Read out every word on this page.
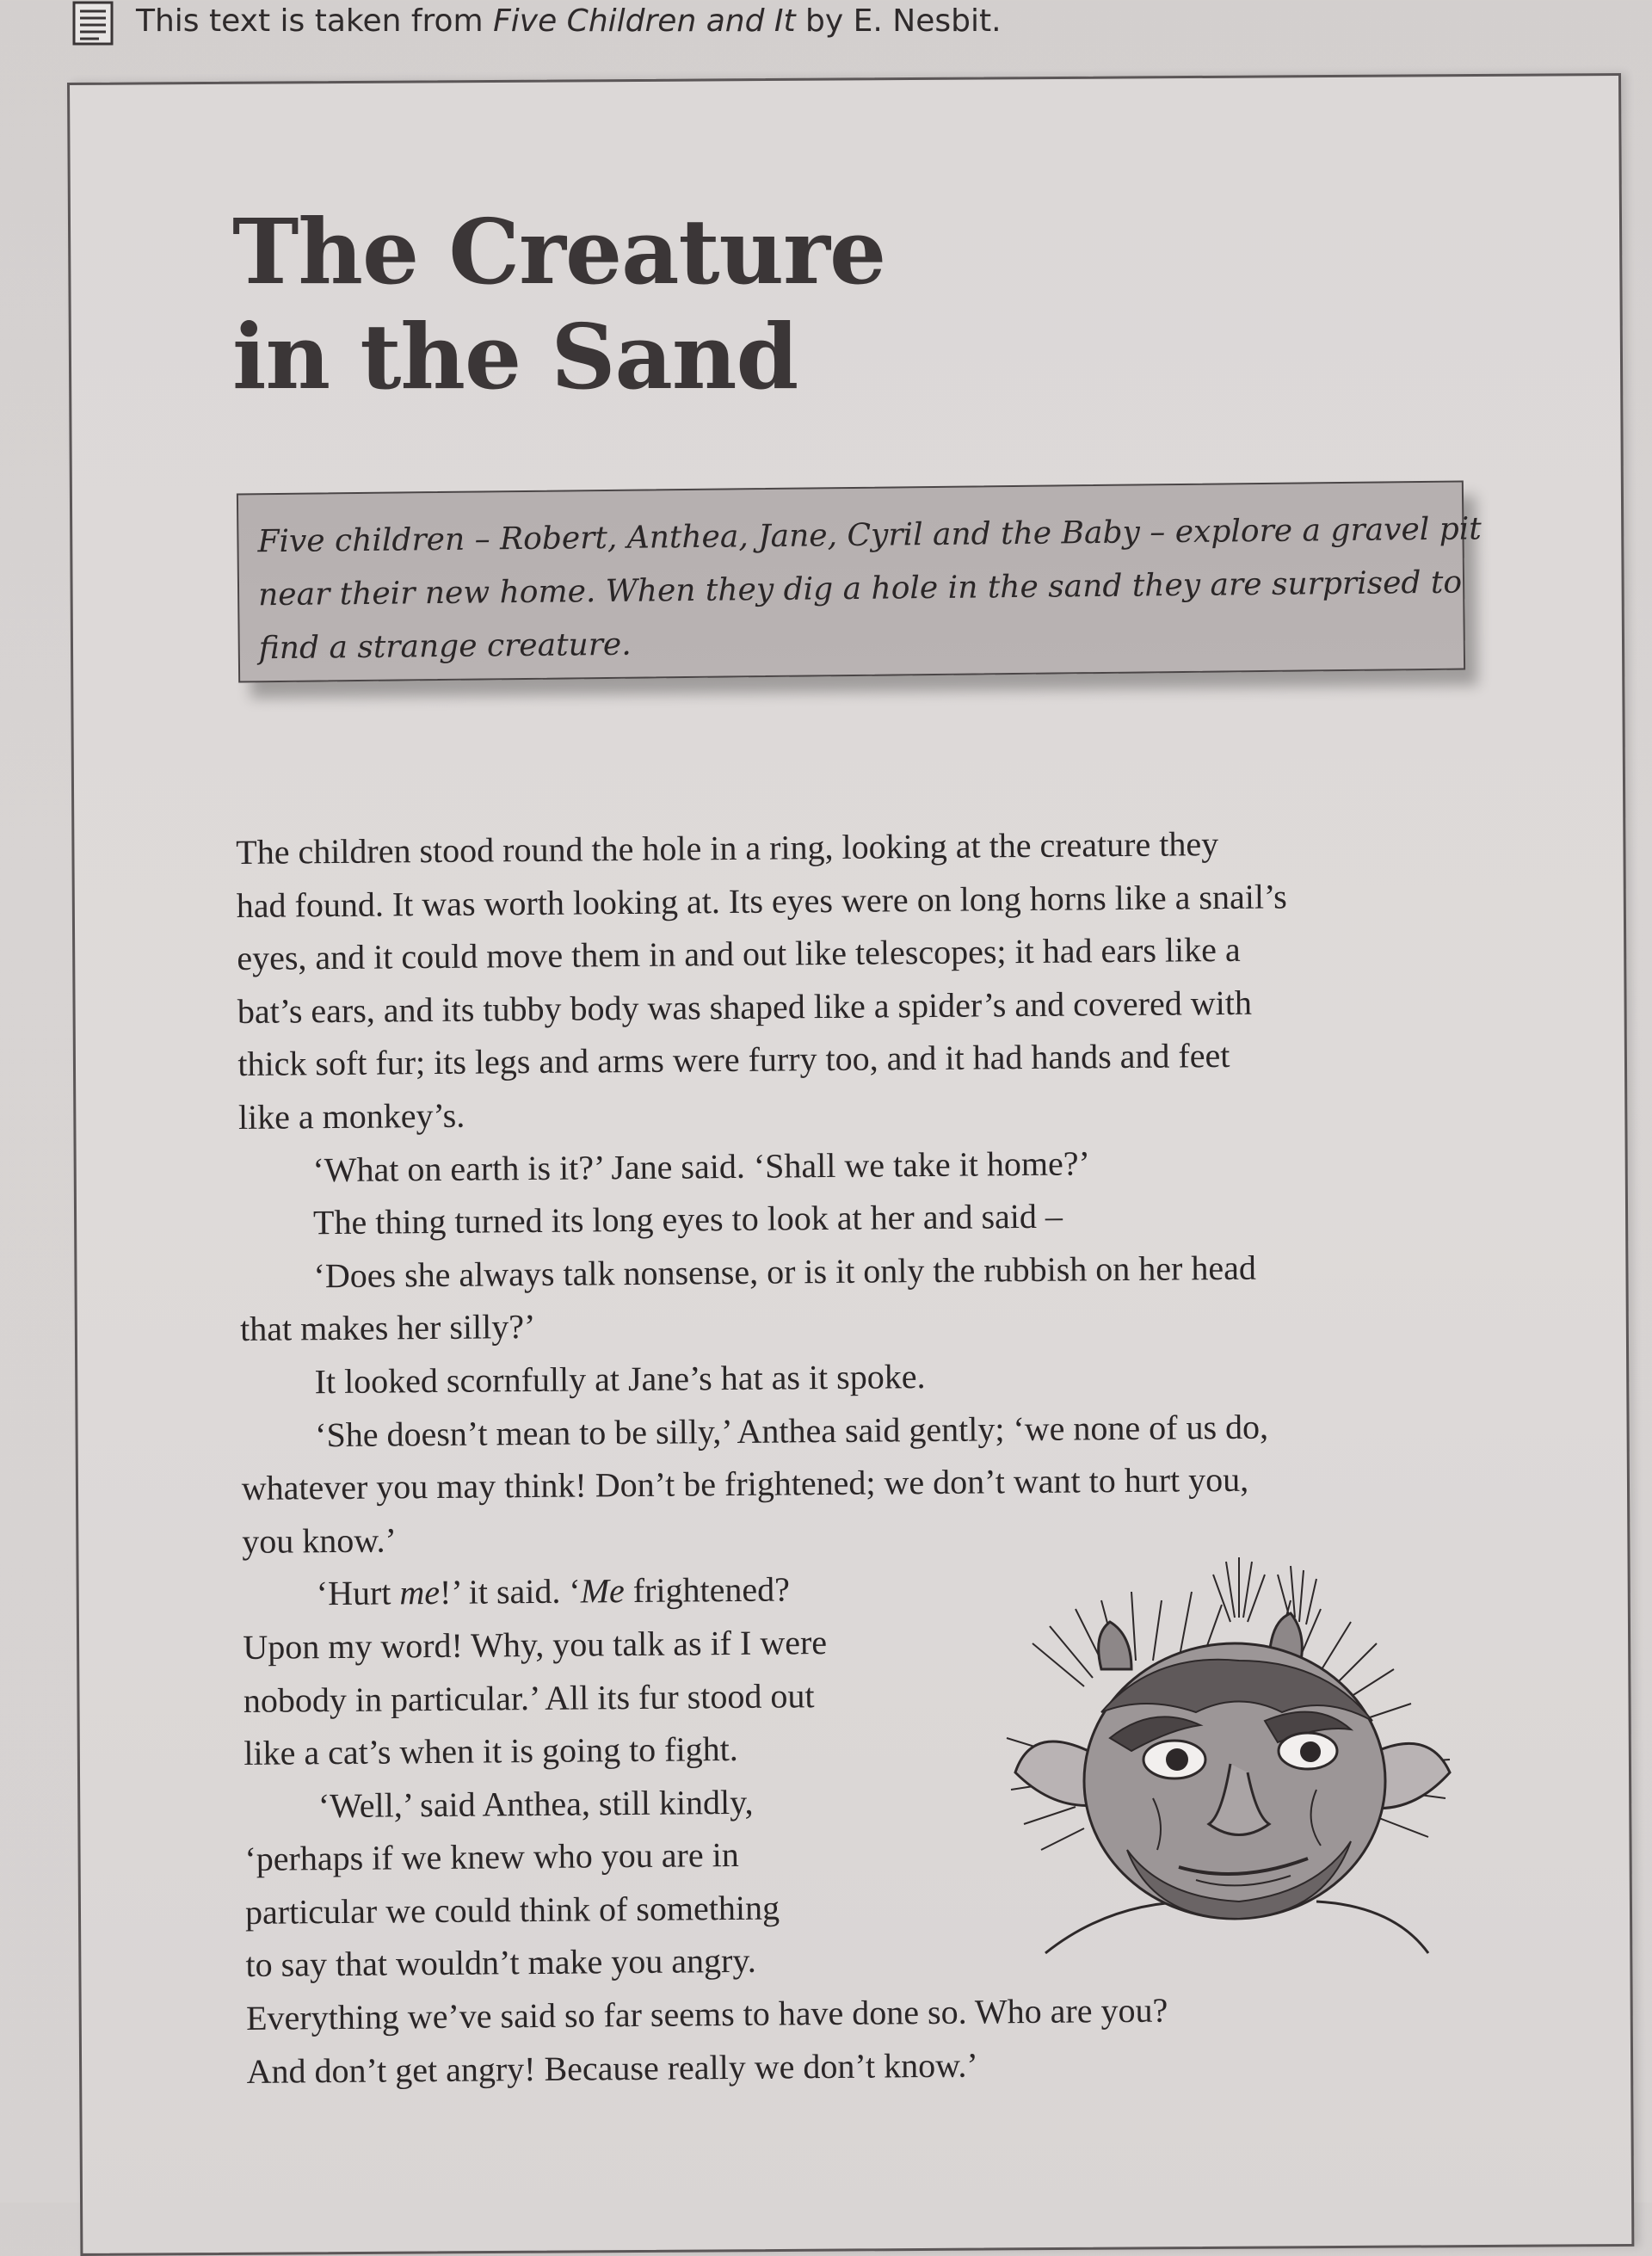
This text is taken from Five Children and It by E. Nesbit.
The Creature
in the Sand
Five children – Robert, Anthea, Jane, Cyril and the Baby – explore a gravel pit
near their new home. When they dig a hole in the sand they are surprised to
find a strange creature.
The children stood round the hole in a ring, looking at the creature they
had found. It was worth looking at. Its eyes were on long horns like a snail’s
eyes, and it could move them in and out like telescopes; it had ears like a
bat’s ears, and its tubby body was shaped like a spider’s and covered with
thick soft fur; its legs and arms were furry too, and it had hands and feet
like a monkey’s.
‘What on earth is it?’ Jane said. ‘Shall we take it home?’
The thing turned its long eyes to look at her and said –
‘Does she always talk nonsense, or is it only the rubbish on her head
that makes her silly?’
It looked scornfully at Jane’s hat as it spoke.
‘She doesn’t mean to be silly,’ Anthea said gently; ‘we none of us do,
whatever you may think! Don’t be frightened; we don’t want to hurt you,
you know.’
‘Hurt me!’ it said. ‘Me frightened?
Upon my word! Why, you talk as if I were
nobody in particular.’ All its fur stood out
like a cat’s when it is going to fight.
‘Well,’ said Anthea, still kindly,
‘perhaps if we knew who you are in
particular we could think of something
to say that wouldn’t make you angry.
Everything we’ve said so far seems to have done so. Who are you?
And don’t get angry! Because really we don’t know.’
